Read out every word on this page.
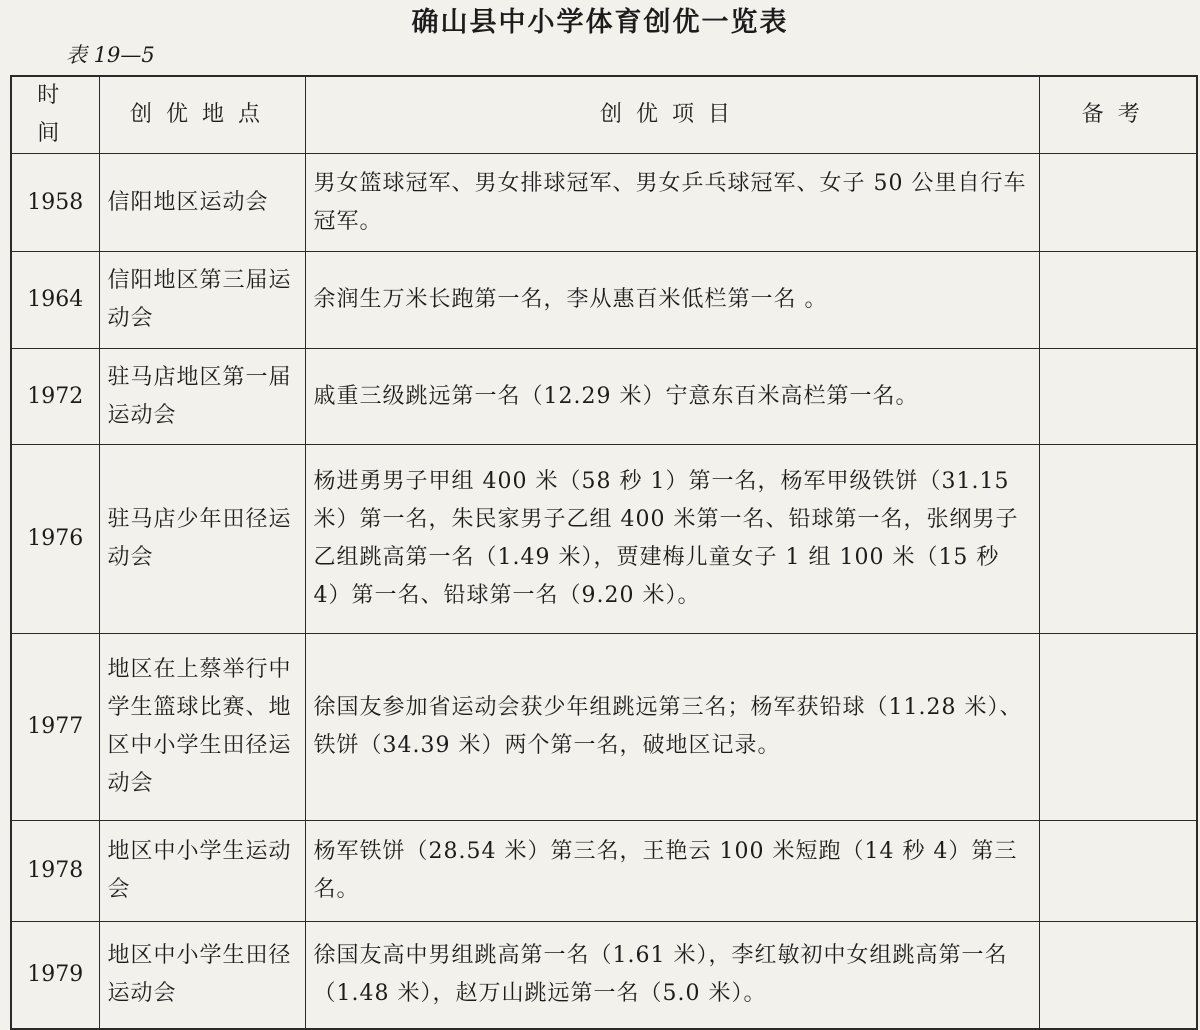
确山县中小学体育创优一览表
表 19—5
时间	创优地点	创优项目	备考
1958	信阳地区运动会	男女篮球冠军、男女排球冠军、男女乒乓球冠军、女子 50 公里自行车冠军。	
1964	信阳地区第三届运动会	余润生万米长跑第一名，李从惠百米低栏第一名 。	
1972	驻马店地区第一届运动会	戚重三级跳远第一名（12.29 米）宁意东百米高栏第一名。	
1976	驻马店少年田径运动会	杨进勇男子甲组 400 米（58 秒 1）第一名，杨军甲级铁饼（31.15 米）第一名，朱民家男子乙组 400 米第一名、铅球第一名，张纲男子乙组跳高第一名（1.49 米），贾建梅儿童女子 1 组 100 米（15 秒 4）第一名、铅球第一名（9.20 米）。	
1977	地区在上蔡举行中学生篮球比赛、地区中小学生田径运动会	徐国友参加省运动会获少年组跳远第三名；杨军获铅球（11.28 米）、铁饼（34.39 米）两个第一名，破地区记录。	
1978	地区中小学生运动会	杨军铁饼（28.54 米）第三名，王艳云 100 米短跑（14 秒 4）第三名。	
1979	地区中小学生田径运动会	徐国友高中男组跳高第一名（1.61 米），李红敏初中女组跳高第一名（1.48 米），赵万山跳远第一名（5.0 米）。	
